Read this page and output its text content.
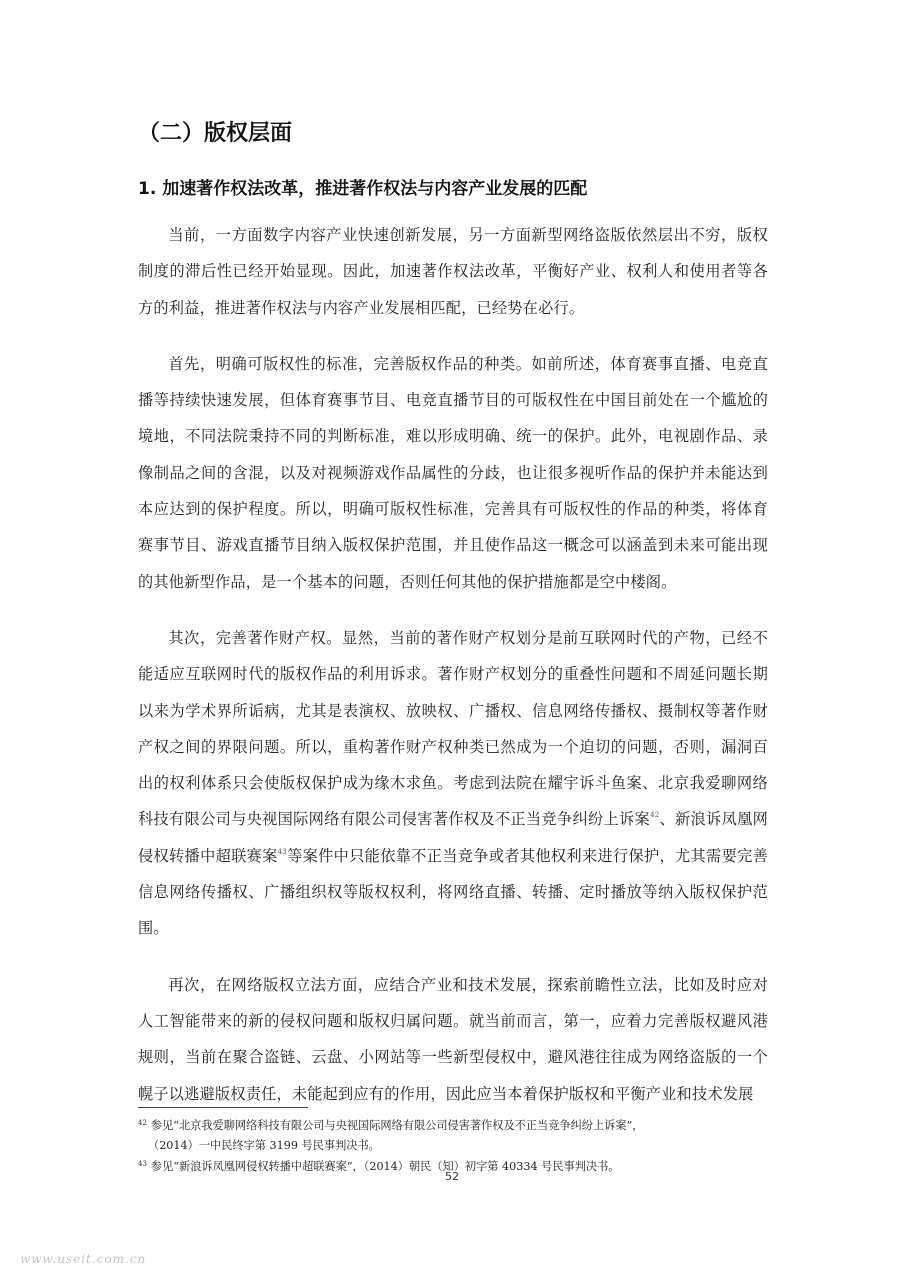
（二）版权层面
1. 加速著作权法改革，推进著作权法与内容产业发展的匹配

当前，一方面数字内容产业快速创新发展，另一方面新型网络盗版依然层出不穷，版权制度的滞后性已经开始显现。因此，加速著作权法改革，平衡好产业、权利人和使用者等各方的利益，推进著作权法与内容产业发展相匹配，已经势在必行。

首先，明确可版权性的标准，完善版权作品的种类。如前所述，体育赛事直播、电竞直播等持续快速发展，但体育赛事节目、电竞直播节目的可版权性在中国目前处在一个尴尬的境地，不同法院秉持不同的判断标准，难以形成明确、统一的保护。此外，电视剧作品、录像制品之间的含混，以及对视频游戏作品属性的分歧，也让很多视听作品的保护并未能达到本应达到的保护程度。所以，明确可版权性标准，完善具有可版权性的作品的种类，将体育赛事节目、游戏直播节目纳入版权保护范围，并且使作品这一概念可以涵盖到未来可能出现的其他新型作品，是一个基本的问题，否则任何其他的保护措施都是空中楼阁。

其次，完善著作财产权。显然，当前的著作财产权划分是前互联网时代的产物，已经不能适应互联网时代的版权作品的利用诉求。著作财产权划分的重叠性问题和不周延问题长期以来为学术界所诟病，尤其是表演权、放映权、广播权、信息网络传播权、摄制权等著作财产权之间的界限问题。所以，重构著作财产权种类已然成为一个迫切的问题，否则，漏洞百出的权利体系只会使版权保护成为缘木求鱼。考虑到法院在耀宇诉斗鱼案、北京我爱聊网络科技有限公司与央视国际网络有限公司侵害著作权及不正当竞争纠纷上诉案$^{42}$、新浪诉凤凰网侵权转播中超联赛案$^{43}$等案件中只能依靠不正当竞争或者其他权利来进行保护，尤其需要完善信息网络传播权、广播组织权等版权权利，将网络直播、转播、定时播放等纳入版权保护范围。

再次，在网络版权立法方面，应结合产业和技术发展，探索前瞻性立法，比如及时应对人工智能带来的新的侵权问题和版权归属问题。就当前而言，第一，应着力完善版权避风港规则，当前在聚合盗链、云盘、小网站等一些新型侵权中，避风港往往成为网络盗版的一个幌子以逃避版权责任，未能起到应有的作用，因此应当本着保护版权和平衡产业和技术发展

$^{42}$ 参见“北京我爱聊网络科技有限公司与央视国际网络有限公司侵害著作权及不正当竞争纠纷上诉案”，

（2014）一中民终字第 3199 号民事判决书。

$^{43}$ 参见“新浪诉凤凰网侵权转播中超联赛案”，（2014）朝民（知）初字第 40334 号民事判决书。

52
www.useit.com.cn
